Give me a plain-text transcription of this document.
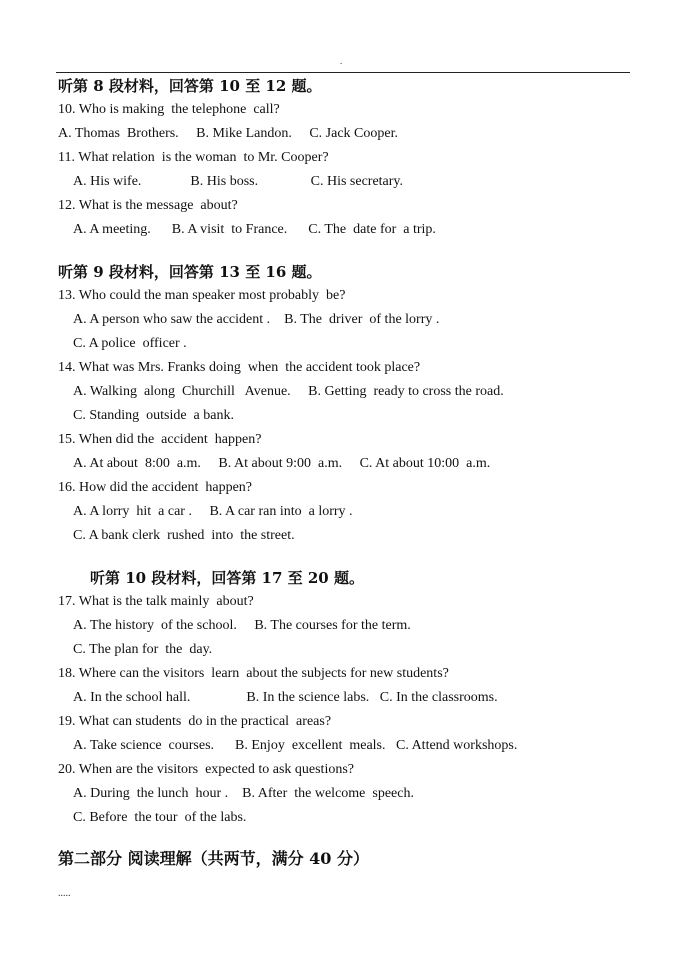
.
听第 8 段材料，回答第 10 至 12 题。
10. Who is making  the telephone  call?
A. Thomas  Brothers.     B. Mike Landon.     C. Jack Cooper.
11. What relation  is the woman  to Mr. Cooper?
A. His wife.              B. His boss.               C. His secretary.
12. What is the message  about?
A. A meeting.      B. A visit  to France.      C. The  date for  a trip.
听第 9 段材料，回答第 13 至 16 题。
13. Who could the man speaker most probably  be?
A. A person who saw the accident .    B. The  driver  of the lorry .
C. A police  officer .
14. What was Mrs. Franks doing  when  the accident took place?
A. Walking  along  Churchill   Avenue.     B. Getting  ready to cross the road.
C. Standing  outside  a bank.
15. When did the  accident  happen?
A. At about  8:00  a.m.     B. At about 9:00  a.m.     C. At about 10:00  a.m.
16. How did the accident  happen?
A. A lorry  hit  a car .     B. A car ran into  a lorry .
C. A bank clerk  rushed  into  the street.
听第 10 段材料，回答第 17 至 20 题。
17. What is the talk mainly  about?
A. The history  of the school.     B. The courses for the term.
C. The plan for  the  day.
18. Where can the visitors  learn  about the subjects for new students?
A. In the school hall.                B. In the science labs.   C. In the classrooms.
19. What can students  do in the practical  areas?
A. Take science  courses.      B. Enjoy  excellent  meals.   C. Attend workshops.
20. When are the visitors  expected to ask questions?
A. During  the lunch  hour .    B. After  the welcome  speech.
C. Before  the tour  of the labs.
第二部分 阅读理解（共两节，满分 40 分）
.....
